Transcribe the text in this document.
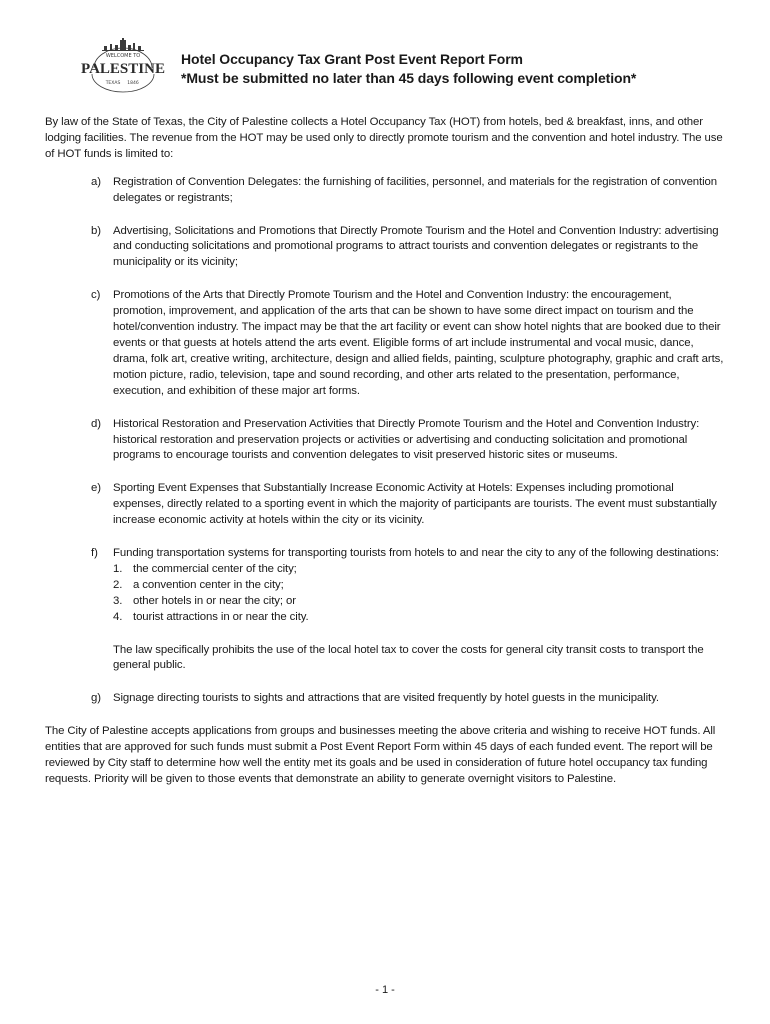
WELCOME TO
PALESTINE
TEXAS 1846
Hotel Occupancy Tax Grant Post Event Report Form
*Must be submitted no later than 45 days following event completion*

By law of the State of Texas, the City of Palestine collects a Hotel Occupancy Tax (HOT) from hotels, bed & breakfast, inns, and other lodging facilities. The revenue from the HOT may be used only to directly promote tourism and the convention and hotel industry. The use of HOT funds is limited to:

a) Registration of Convention Delegates: the furnishing of facilities, personnel, and materials for the registration of convention delegates or registrants;

b) Advertising, Solicitations and Promotions that Directly Promote Tourism and the Hotel and Convention Industry: advertising and conducting solicitations and promotional programs to attract tourists and convention delegates or registrants to the municipality or its vicinity;

c) Promotions of the Arts that Directly Promote Tourism and the Hotel and Convention Industry: the encouragement, promotion, improvement, and application of the arts that can be shown to have some direct impact on tourism and the hotel/convention industry. The impact may be that the art facility or event can show hotel nights that are booked due to their events or that guests at hotels attend the arts event. Eligible forms of art include instrumental and vocal music, dance, drama, folk art, creative writing, architecture, design and allied fields, painting, sculpture photography, graphic and craft arts, motion picture, radio, television, tape and sound recording, and other arts related to the presentation, performance, execution, and exhibition of these major art forms.

d) Historical Restoration and Preservation Activities that Directly Promote Tourism and the Hotel and Convention Industry: historical restoration and preservation projects or activities or advertising and conducting solicitation and promotional programs to encourage tourists and convention delegates to visit preserved historic sites or museums.

e) Sporting Event Expenses that Substantially Increase Economic Activity at Hotels: Expenses including promotional expenses, directly related to a sporting event in which the majority of participants are tourists. The event must substantially increase economic activity at hotels within the city or its vicinity.

f) Funding transportation systems for transporting tourists from hotels to and near the city to any of the following destinations:

1. the commercial center of the city;
2. a convention center in the city;
3. other hotels in or near the city; or
4. tourist attractions in or near the city.

The law specifically prohibits the use of the local hotel tax to cover the costs for general city transit costs to transport the general public.

g) Signage directing tourists to sights and attractions that are visited frequently by hotel guests in the municipality.

The City of Palestine accepts applications from groups and businesses meeting the above criteria and wishing to receive HOT funds. All entities that are approved for such funds must submit a Post Event Report Form within 45 days of each funded event. The report will be reviewed by City staff to determine how well the entity met its goals and be used in consideration of future hotel occupancy tax funding requests. Priority will be given to those events that demonstrate an ability to generate overnight visitors to Palestine.

- 1 -
